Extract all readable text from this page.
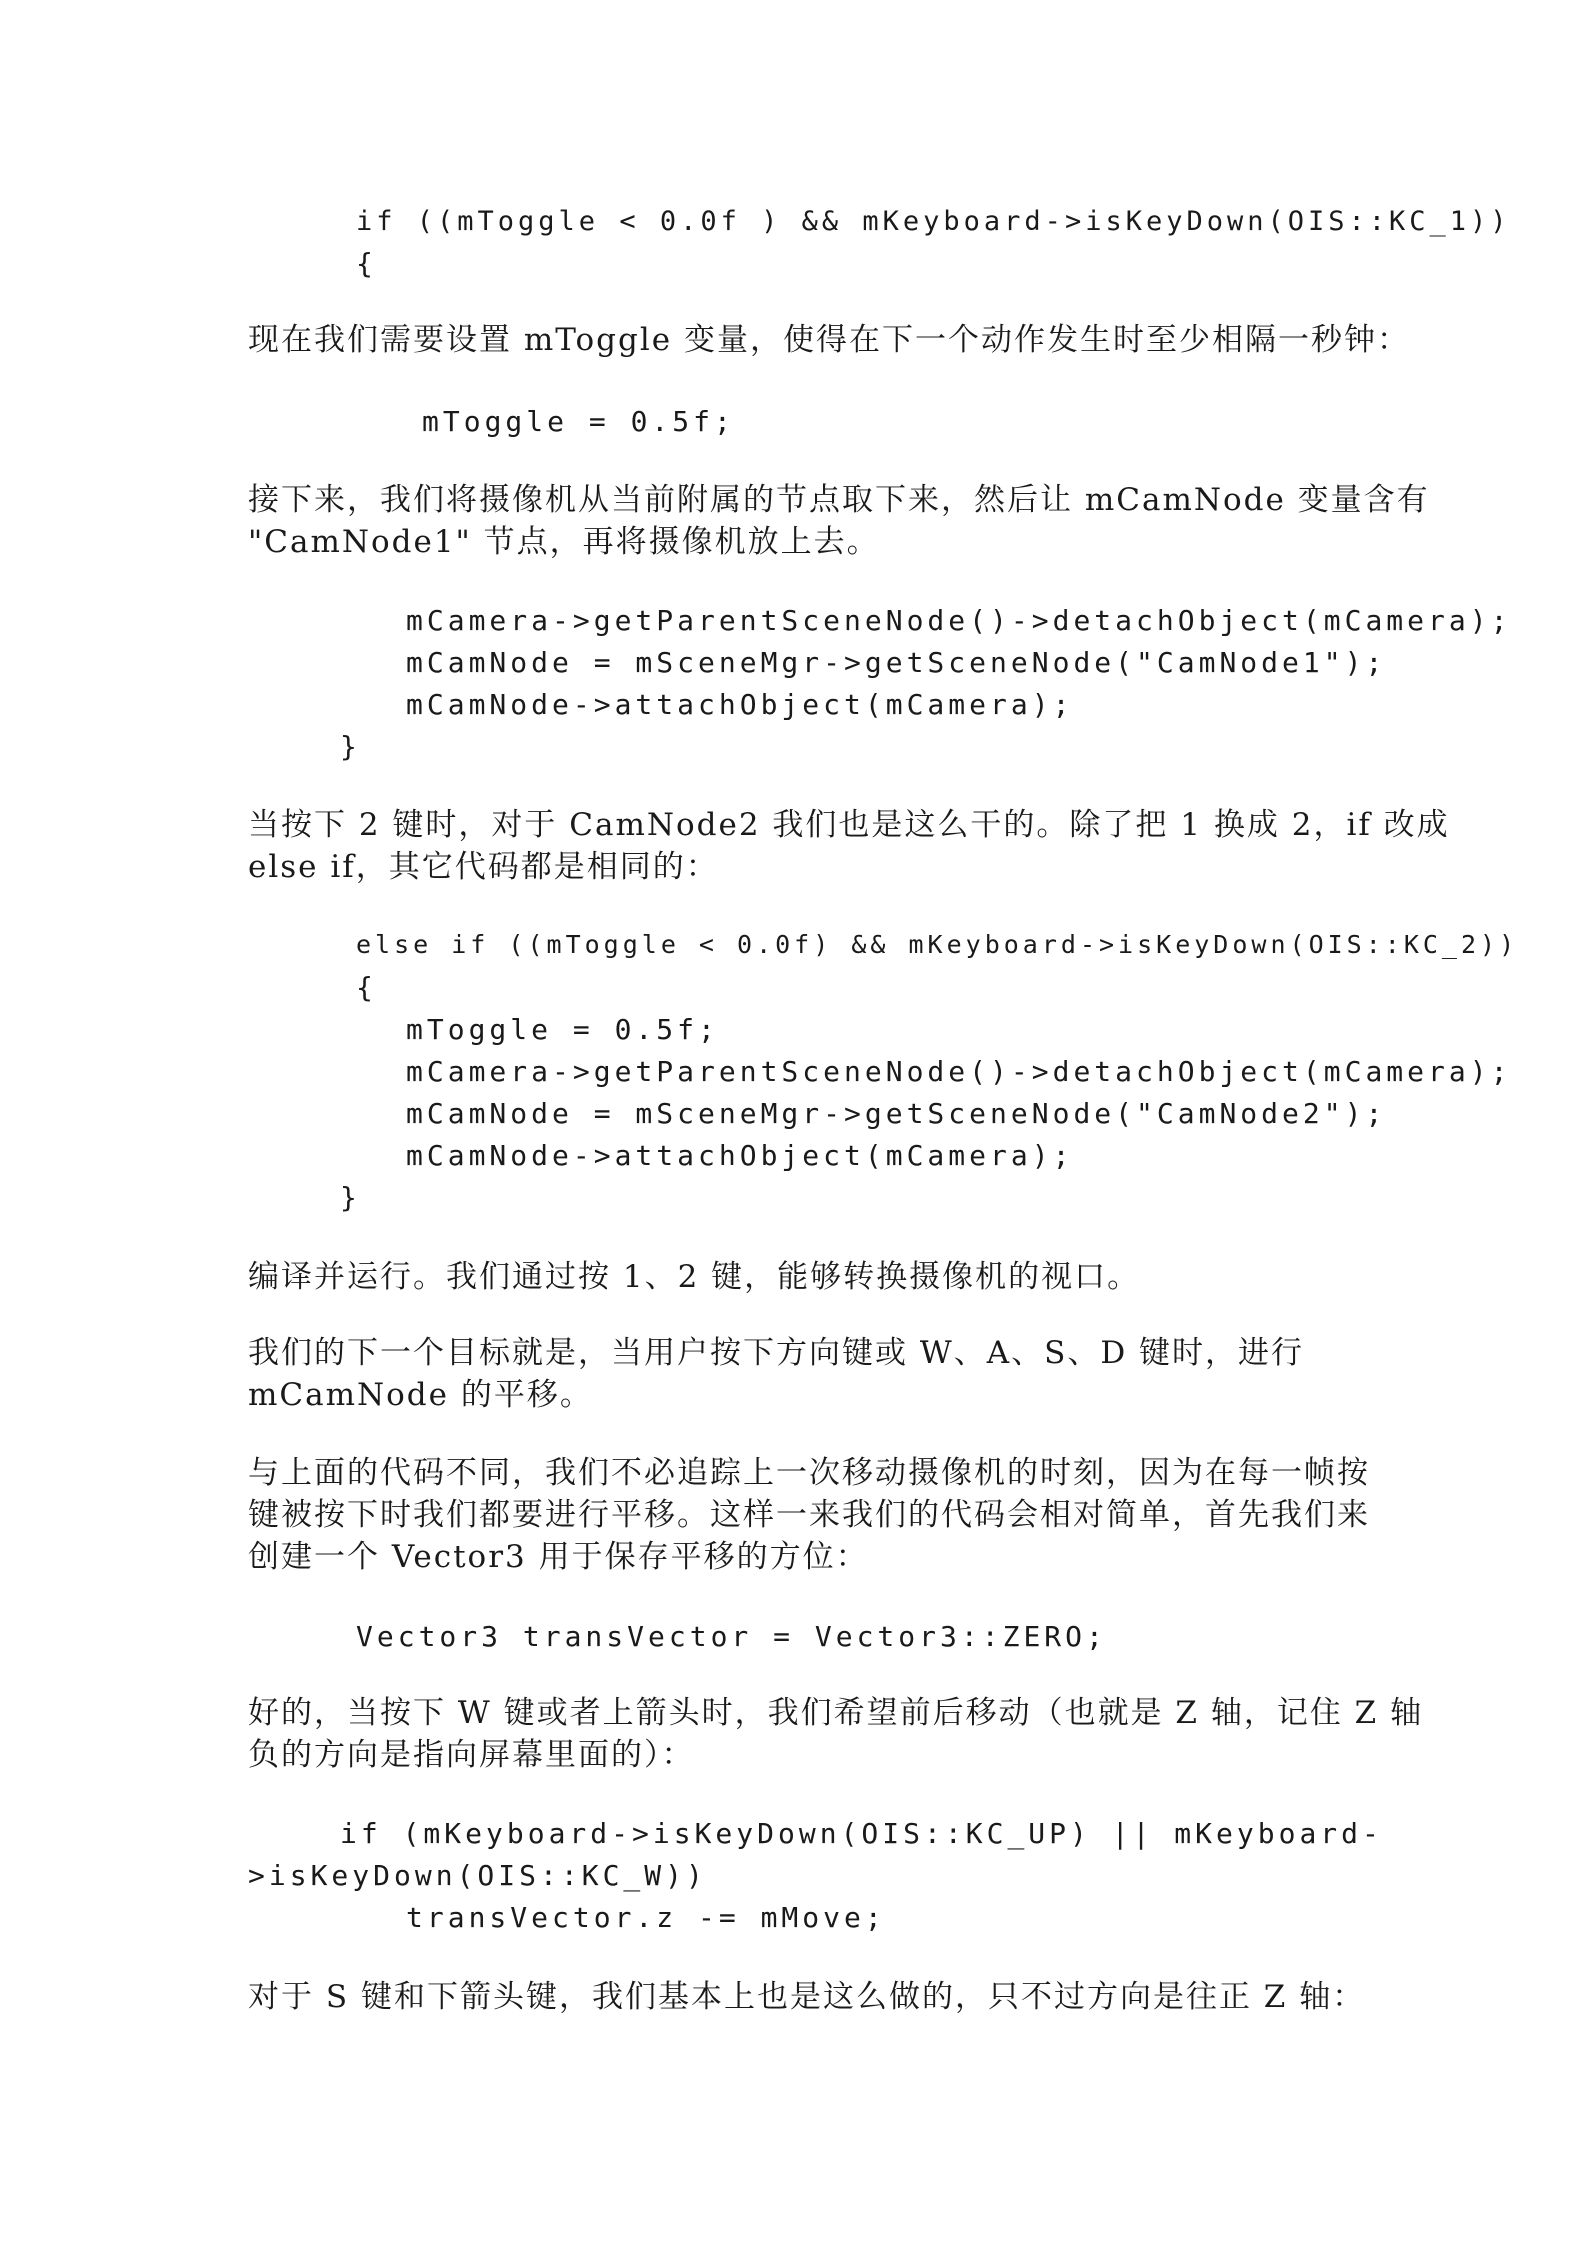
if ((mToggle < 0.0f ) && mKeyboard->isKeyDown(OIS::KC_1))
{
现在我们需要设置 mToggle 变量，使得在下一个动作发生时至少相隔一秒钟：
mToggle = 0.5f;
接下来，我们将摄像机从当前附属的节点取下来，然后让 mCamNode 变量含有
"CamNode1" 节点，再将摄像机放上去。
mCamera->getParentSceneNode()->detachObject(mCamera);
mCamNode = mSceneMgr->getSceneNode("CamNode1");
mCamNode->attachObject(mCamera);
}
当按下 2 键时，对于 CamNode2 我们也是这么干的。除了把 1 换成 2，if 改成
else if，其它代码都是相同的：
else if ((mToggle < 0.0f) && mKeyboard->isKeyDown(OIS::KC_2))
{
mToggle = 0.5f;
mCamera->getParentSceneNode()->detachObject(mCamera);
mCamNode = mSceneMgr->getSceneNode("CamNode2");
mCamNode->attachObject(mCamera);
}
编译并运行。我们通过按 1、2 键，能够转换摄像机的视口。
我们的下一个目标就是，当用户按下方向键或 W、A、S、D 键时，进行
mCamNode 的平移。
与上面的代码不同，我们不必追踪上一次移动摄像机的时刻，因为在每一帧按
键被按下时我们都要进行平移。这样一来我们的代码会相对简单，首先我们来
创建一个 Vector3 用于保存平移的方位：
Vector3 transVector = Vector3::ZERO;
好的，当按下 W 键或者上箭头时，我们希望前后移动（也就是 Z 轴，记住 Z 轴
负的方向是指向屏幕里面的）：
if (mKeyboard->isKeyDown(OIS::KC_UP) || mKeyboard-
>isKeyDown(OIS::KC_W))
transVector.z -= mMove;
对于 S 键和下箭头键，我们基本上也是这么做的，只不过方向是往正 Z 轴：
